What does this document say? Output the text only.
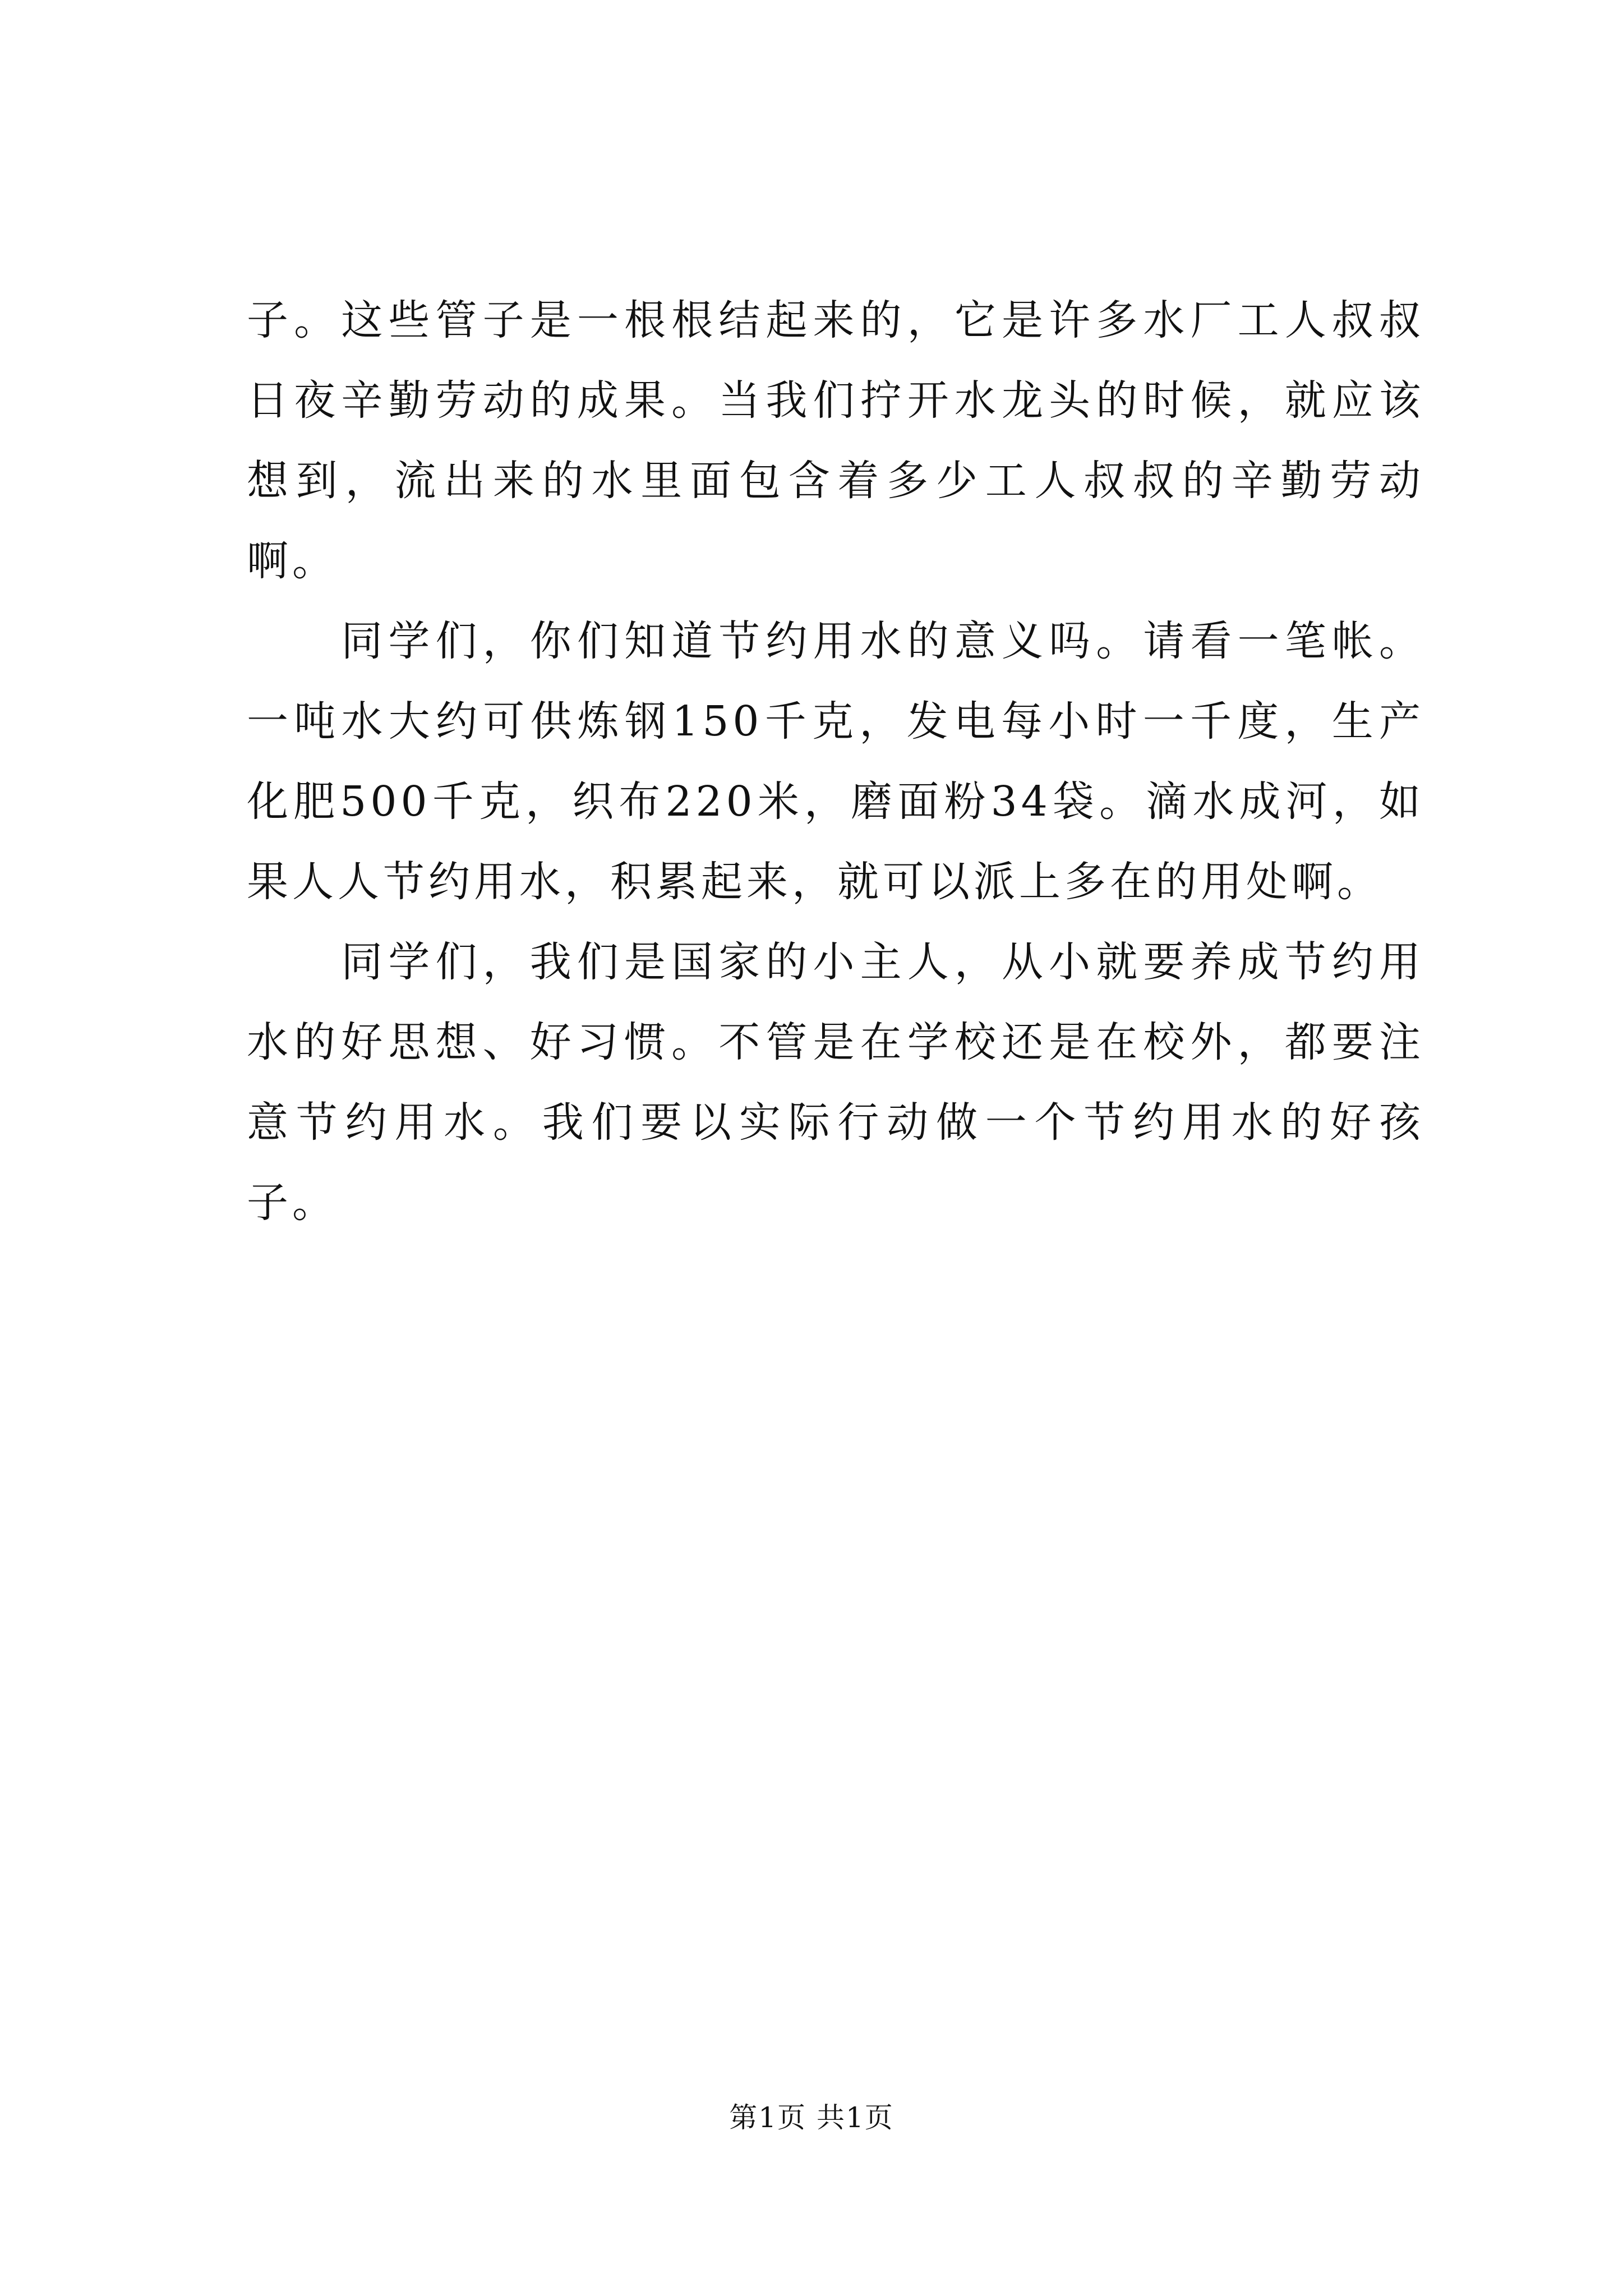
子。这些管子是一根根结起来的，它是许多水厂工人叔叔日夜辛勤劳动的成果。当我们拧开水龙头的时候，就应该想到，流出来的水里面包含着多少工人叔叔的辛勤劳动啊。

　　同学们，你们知道节约用水的意义吗。请看一笔帐。一吨水大约可供炼钢150千克，发电每小时一千度，生产化肥500千克，织布220米，磨面粉34袋。滴水成河，如果人人节约用水，积累起来，就可以派上多在的用处啊。

　　同学们，我们是国家的小主人，从小就要养成节约用水的好思想、好习惯。不管是在学校还是在校外，都要注意节约用水。我们要以实际行动做一个节约用水的好孩子。

第1页 共1页
